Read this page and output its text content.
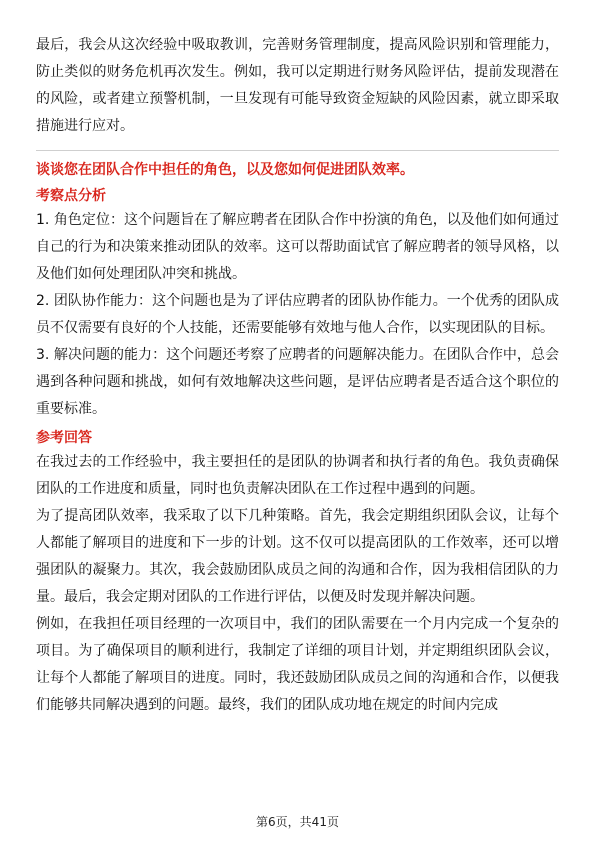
最后，我会从这次经验中吸取教训，完善财务管理制度，提高风险识别和管理能力，防止类似的财务危机再次发生。例如，我可以定期进行财务风险评估，提前发现潜在的风险，或者建立预警机制，一旦发现有可能导致资金短缺的风险因素，就立即采取措施进行应对。

谈谈您在团队合作中担任的角色，以及您如何促进团队效率。

考察点分析

1. 角色定位：这个问题旨在了解应聘者在团队合作中扮演的角色，以及他们如何通过自己的行为和决策来推动团队的效率。这可以帮助面试官了解应聘者的领导风格，以及他们如何处理团队冲突和挑战。

2. 团队协作能力：这个问题也是为了评估应聘者的团队协作能力。一个优秀的团队成员不仅需要有良好的个人技能，还需要能够有效地与他人合作，以实现团队的目标。

3. 解决问题的能力：这个问题还考察了应聘者的问题解决能力。在团队合作中，总会遇到各种问题和挑战，如何有效地解决这些问题，是评估应聘者是否适合这个职位的重要标准。

参考回答

在我过去的工作经验中，我主要担任的是团队的协调者和执行者的角色。我负责确保团队的工作进度和质量，同时也负责解决团队在工作过程中遇到的问题。

为了提高团队效率，我采取了以下几种策略。首先，我会定期组织团队会议，让每个人都能了解项目的进度和下一步的计划。这不仅可以提高团队的工作效率，还可以增强团队的凝聚力。其次，我会鼓励团队成员之间的沟通和合作，因为我相信团队的力量。最后，我会定期对团队的工作进行评估，以便及时发现并解决问题。

例如，在我担任项目经理的一次项目中，我们的团队需要在一个月内完成一个复杂的项目。为了确保项目的顺利进行，我制定了详细的项目计划，并定期组织团队会议，让每个人都能了解项目的进度。同时，我还鼓励团队成员之间的沟通和合作，以便我们能够共同解决遇到的问题。最终，我们的团队成功地在规定的时间内完成

第6页，共41页
